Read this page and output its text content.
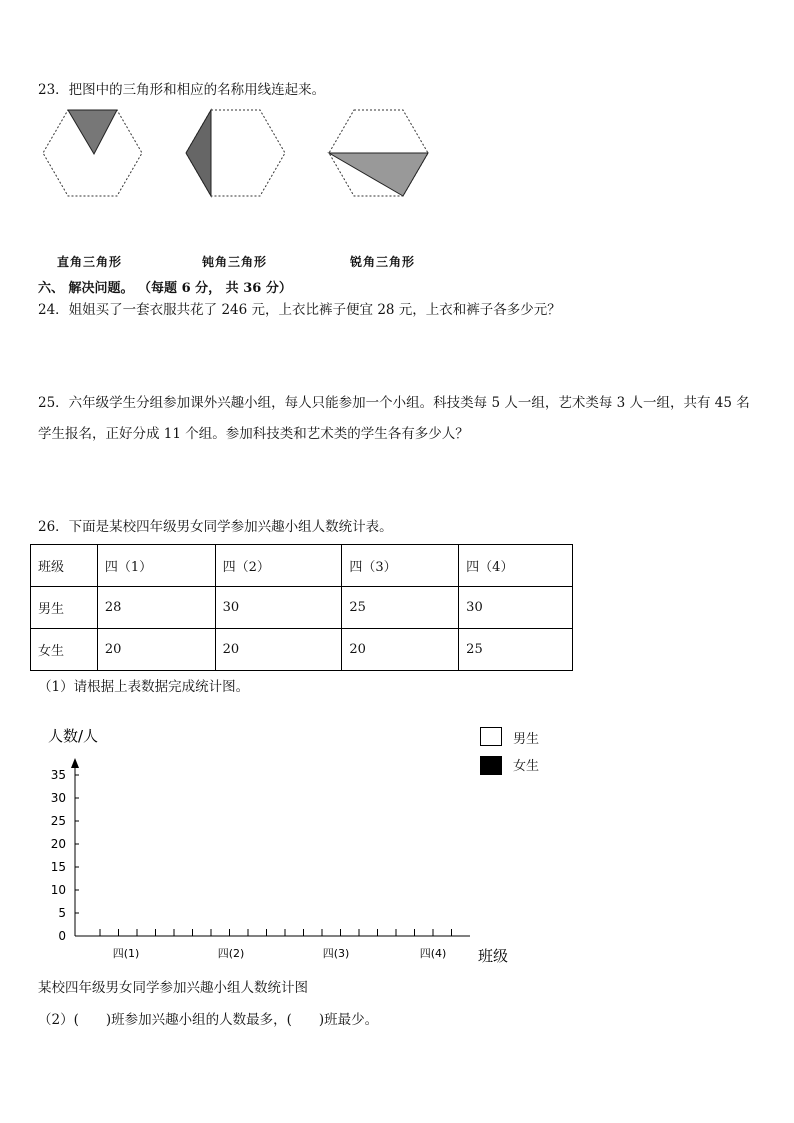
23．把图中的三角形和相应的名称用线连起来。
直角三角形	钝角三角形	锐角三角形
六、 解决问题。 （每题 6 分， 共 36 分）
24．姐姐买了一套衣服共花了 246 元，上衣比裤子便宜 28 元，上衣和裤子各多少元？
25．六年级学生分组参加课外兴趣小组，每人只能参加一个小组。科技类每 5 人一组，艺术类每 3 人一组，共有 45 名
学生报名，正好分成 11 个组。参加科技类和艺术类的学生各有多少人？
26．下面是某校四年级男女同学参加兴趣小组人数统计表。
班级	四（1）	四（2）	四（3）	四（4）
男生	28	30	25	30
女生	20	20	20	25
（1）请根据上表数据完成统计图。
人数/人
0
5
10
15
20
25
30
35
四(1)	四(2)	四(3)	四(4) 班级
男生
女生
某校四年级男女同学参加兴趣小组人数统计图
（2）(　　)班参加兴趣小组的人数最多，(　　)班最少。
